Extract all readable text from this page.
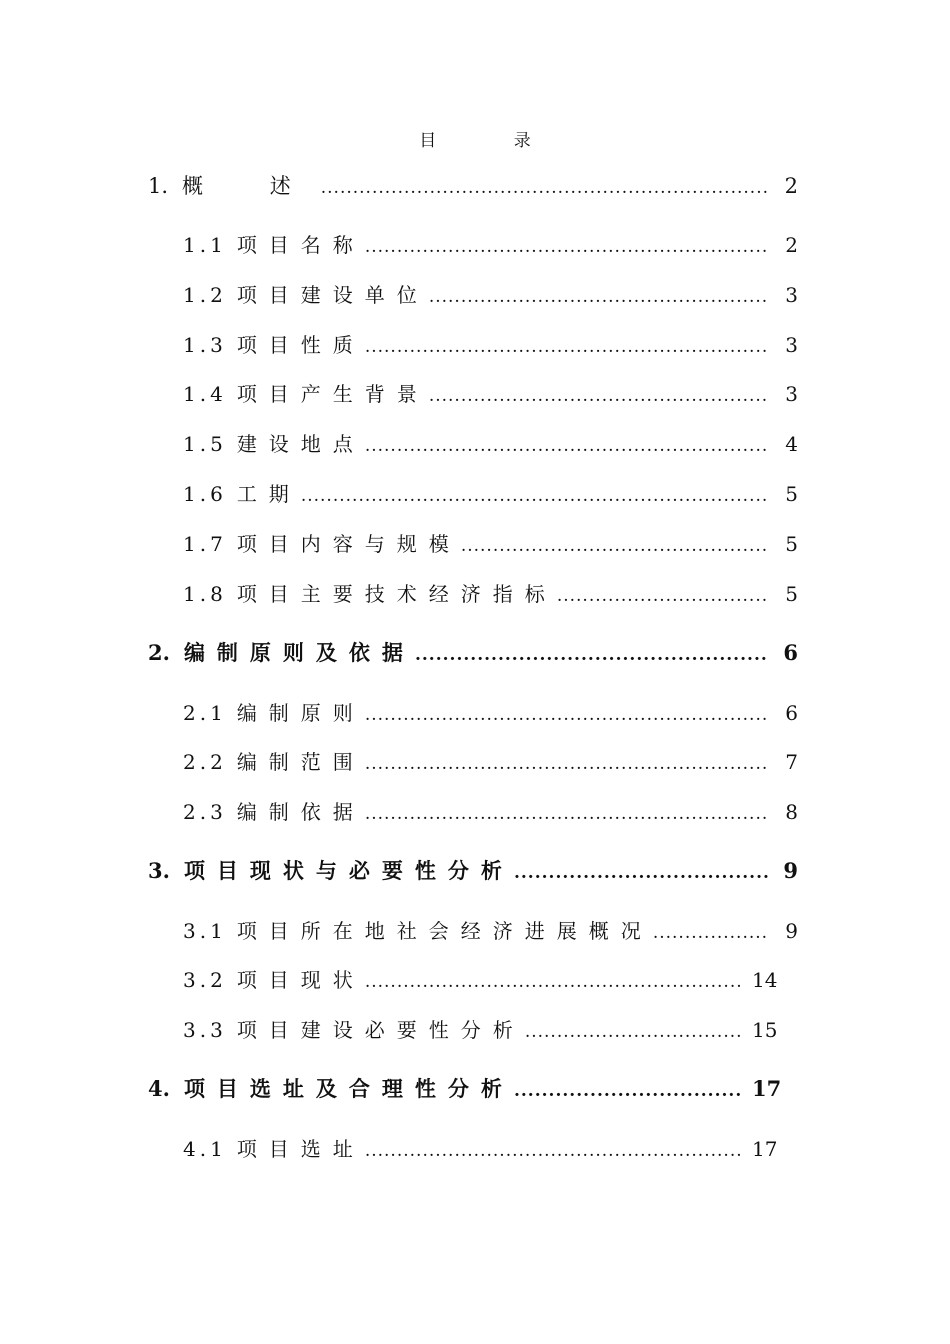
目 录
1. 概 述 .....	2
1.1 项目名称 .....	2
1.2 项目建设单位 .....	3
1.3 项目性质 .....	3
1.4 项目产生背景 .....	3
1.5 建设地点 .....	4
1.6 工期 .....	5
1.7 项目内容与规模 .....	5
1.8 项目主要技术经济指标 .....	5
2. 编制原则及依据 .....	6
2.1 编制原则 .....	6
2.2 编制范围 .....	7
2.3 编制依据 .....	8
3. 项目现状与必要性分析 .....	9
3.1 项目所在地社会经济进展概况 .....	9
3.2 项目现状 .....	14
3.3 项目建设必要性分析 .....	15
4. 项目选址及合理性分析 .....	17
4.1 项目选址 .....	17
